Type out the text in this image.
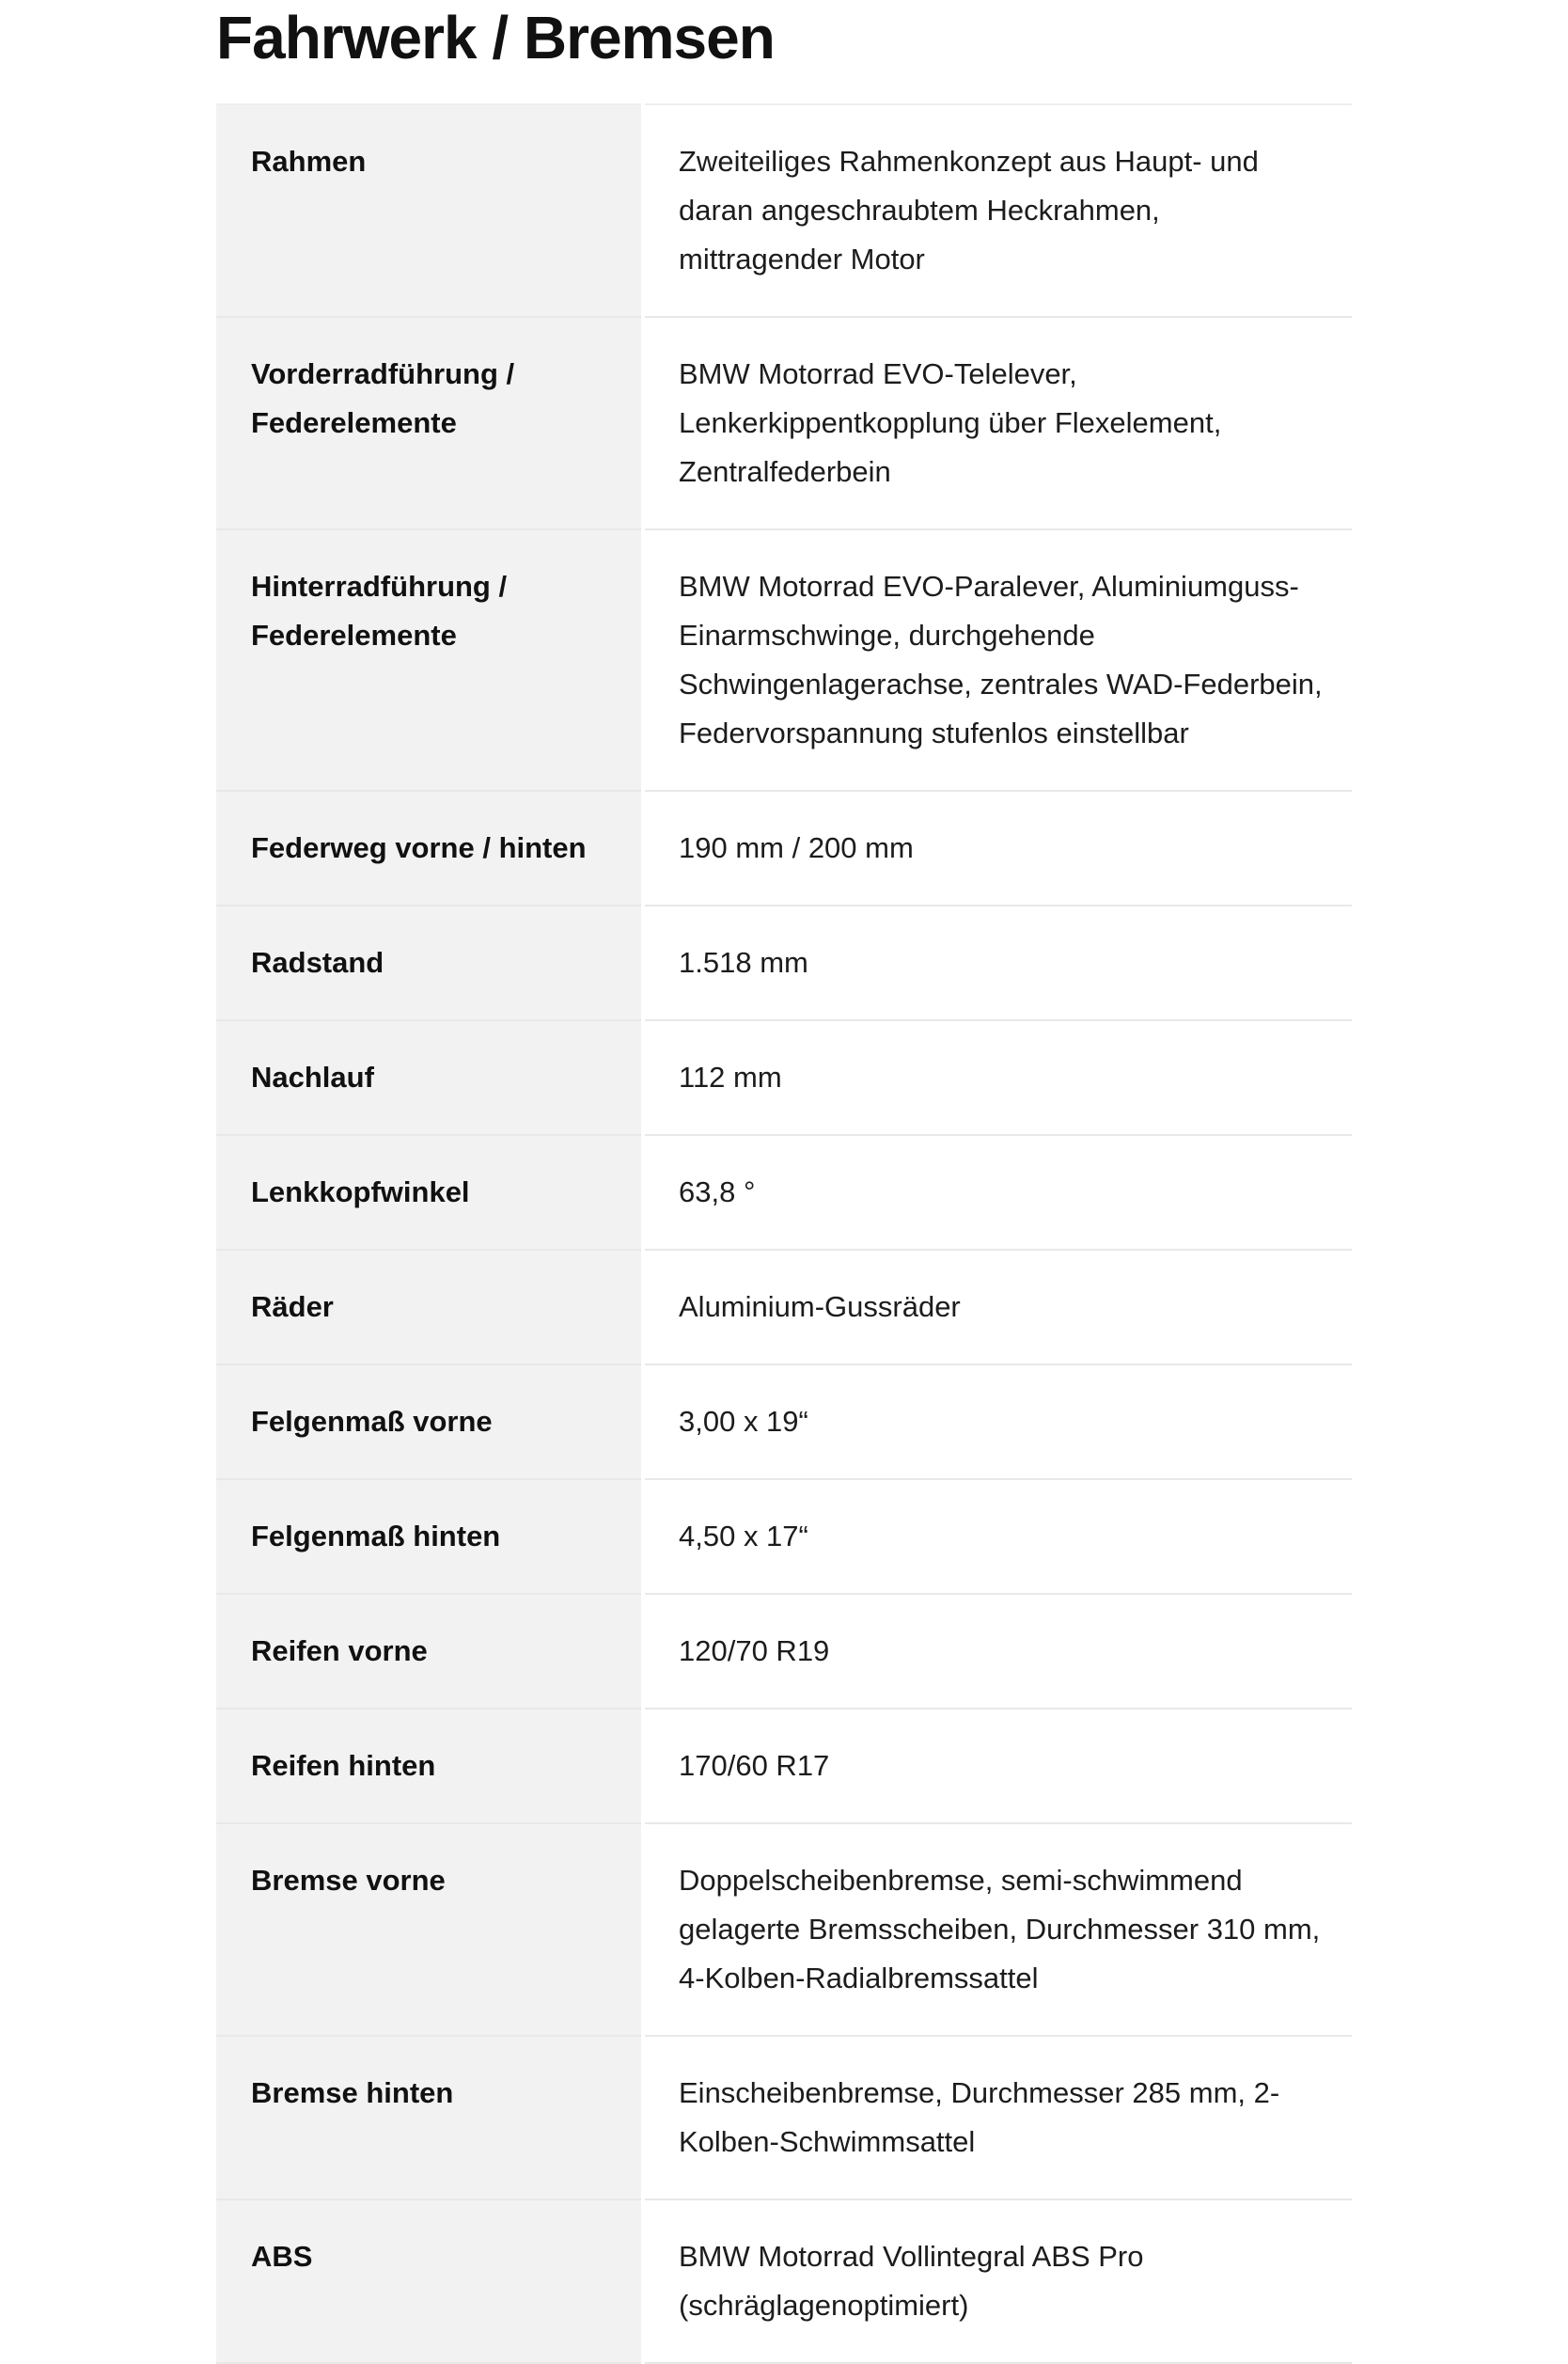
Fahrwerk / Bremsen
Rahmen	Zweiteiliges Rahmenkonzept aus Haupt- und daran angeschraubtem Heckrahmen, mittragender Motor
Vorderradführung / Federelemente	BMW Motorrad EVO-Telelever, Lenkerkippentkopplung über Flexelement, Zentralfederbein
Hinterradführung / Federelemente	BMW Motorrad EVO-Paralever, Aluminiumguss-Einarmschwinge, durchgehende Schwingenlagerachse, zentrales WAD-Federbein, Federvorspannung stufenlos einstellbar
Federweg vorne / hinten	190 mm / 200 mm
Radstand	1.518 mm
Nachlauf	112 mm
Lenkkopfwinkel	63,8 °
Räder	Aluminium-Gussräder
Felgenmaß vorne	3,00 x 19“
Felgenmaß hinten	4,50 x 17“
Reifen vorne	120/70 R19
Reifen hinten	170/60 R17
Bremse vorne	Doppelscheibenbremse, semi-schwimmend gelagerte Bremsscheiben, Durchmesser 310 mm, 4-Kolben-Radialbremssattel
Bremse hinten	Einscheibenbremse, Durchmesser 285 mm, 2-Kolben-Schwimmsattel
ABS	BMW Motorrad Vollintegral ABS Pro (schräglagenoptimiert)
